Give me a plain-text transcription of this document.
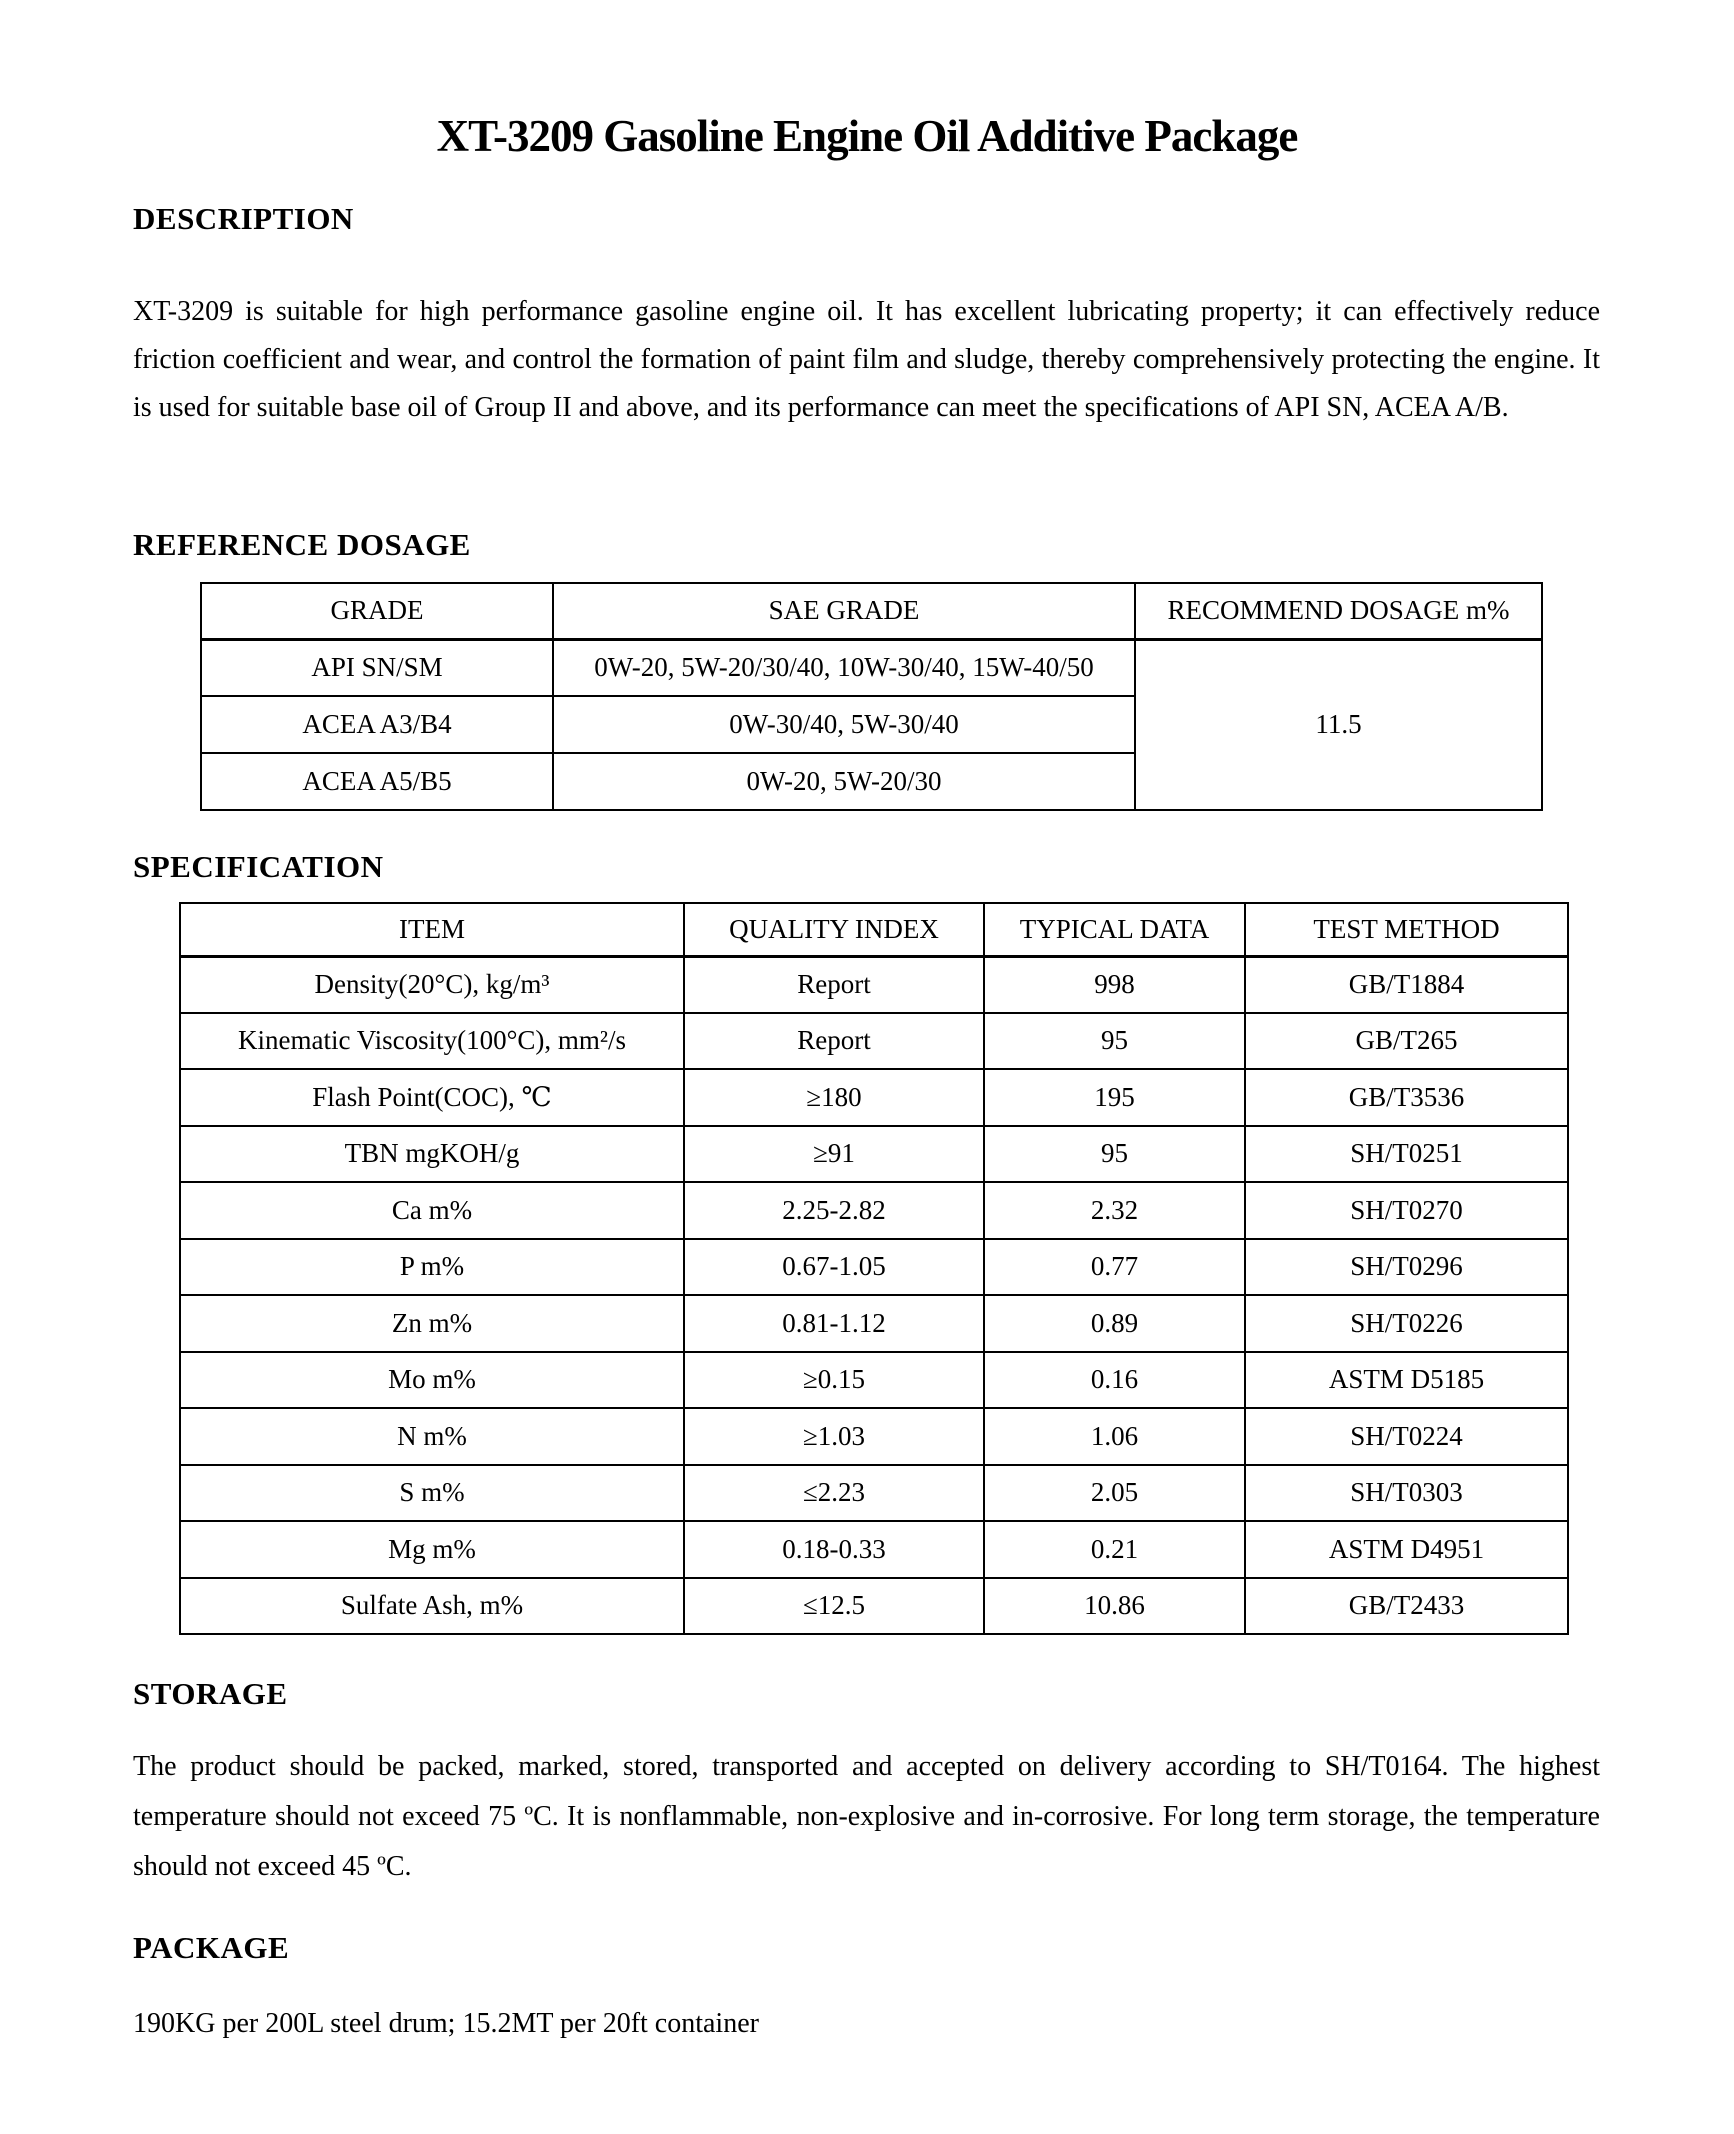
XT-3209 Gasoline Engine Oil Additive Package
DESCRIPTION
XT-3209 is suitable for high performance gasoline engine oil. It has excellent lubricating property; it can effectively reduce friction coefficient and wear, and control the formation of paint film and sludge, thereby comprehensively protecting the engine. It is used for suitable base oil of Group II and above, and its performance can meet the specifications of API SN, ACEA A/B.
REFERENCE DOSAGE
GRADE	SAE GRADE	RECOMMEND DOSAGE m%
API SN/SM	0W-20, 5W-20/30/40, 10W-30/40, 15W-40/50	11.5
ACEA A3/B4	0W-30/40, 5W-30/40	
ACEA A5/B5	0W-20, 5W-20/30	
SPECIFICATION
ITEM	QUALITY INDEX	TYPICAL DATA	TEST METHOD
Density(20°C), kg/m³	Report	998	GB/T1884
Kinematic Viscosity(100°C), mm²/s	Report	95	GB/T265
Flash Point(COC), ℃	≥180	195	GB/T3536
TBN mgKOH/g	≥91	95	SH/T0251
Ca m%	2.25-2.82	2.32	SH/T0270
P m%	0.67-1.05	0.77	SH/T0296
Zn m%	0.81-1.12	0.89	SH/T0226
Mo m%	≥0.15	0.16	ASTM D5185
N m%	≥1.03	1.06	SH/T0224
S m%	≤2.23	2.05	SH/T0303
Mg m%	0.18-0.33	0.21	ASTM D4951
Sulfate Ash, m%	≤12.5	10.86	GB/T2433
STORAGE
The product should be packed, marked, stored, transported and accepted on delivery according to SH/T0164. The highest temperature should not exceed 75 ºC. It is nonflammable, non-explosive and in-corrosive. For long term storage, the temperature should not exceed 45 ºC.
PACKAGE
190KG per 200L steel drum; 15.2MT per 20ft container
